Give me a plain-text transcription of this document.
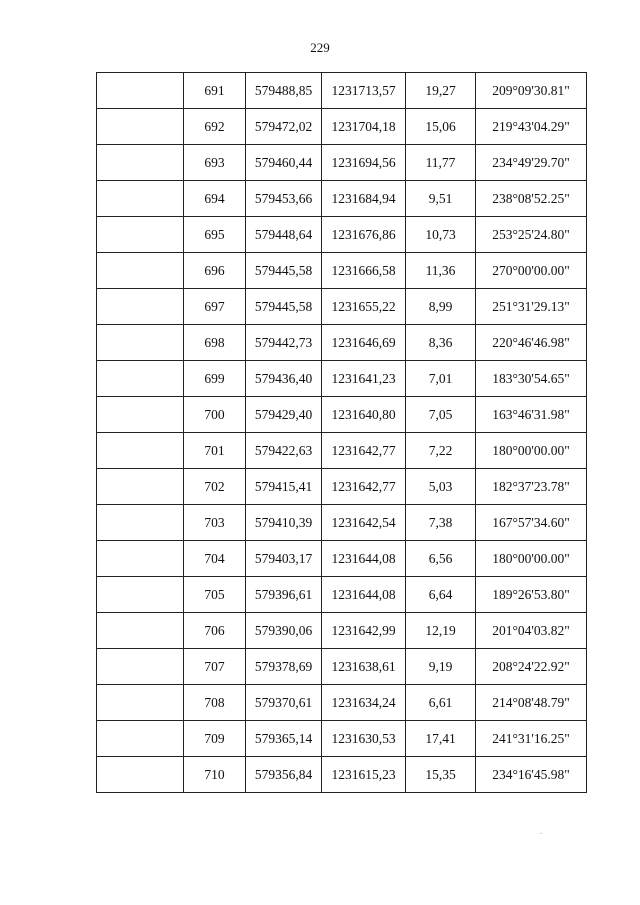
229
	691	579488,85	1231713,57	19,27	209°09'30.81"
	692	579472,02	1231704,18	15,06	219°43'04.29"
	693	579460,44	1231694,56	11,77	234°49'29.70"
	694	579453,66	1231684,94	9,51	238°08'52.25"
	695	579448,64	1231676,86	10,73	253°25'24.80"
	696	579445,58	1231666,58	11,36	270°00'00.00"
	697	579445,58	1231655,22	8,99	251°31'29.13"
	698	579442,73	1231646,69	8,36	220°46'46.98"
	699	579436,40	1231641,23	7,01	183°30'54.65"
	700	579429,40	1231640,80	7,05	163°46'31.98"
	701	579422,63	1231642,77	7,22	180°00'00.00"
	702	579415,41	1231642,77	5,03	182°37'23.78"
	703	579410,39	1231642,54	7,38	167°57'34.60"
	704	579403,17	1231644,08	6,56	180°00'00.00"
	705	579396,61	1231644,08	6,64	189°26'53.80"
	706	579390,06	1231642,99	12,19	201°04'03.82"
	707	579378,69	1231638,61	9,19	208°24'22.92"
	708	579370,61	1231634,24	6,61	214°08'48.79"
	709	579365,14	1231630,53	17,41	241°31'16.25"
	710	579356,84	1231615,23	15,35	234°16'45.98"
.
